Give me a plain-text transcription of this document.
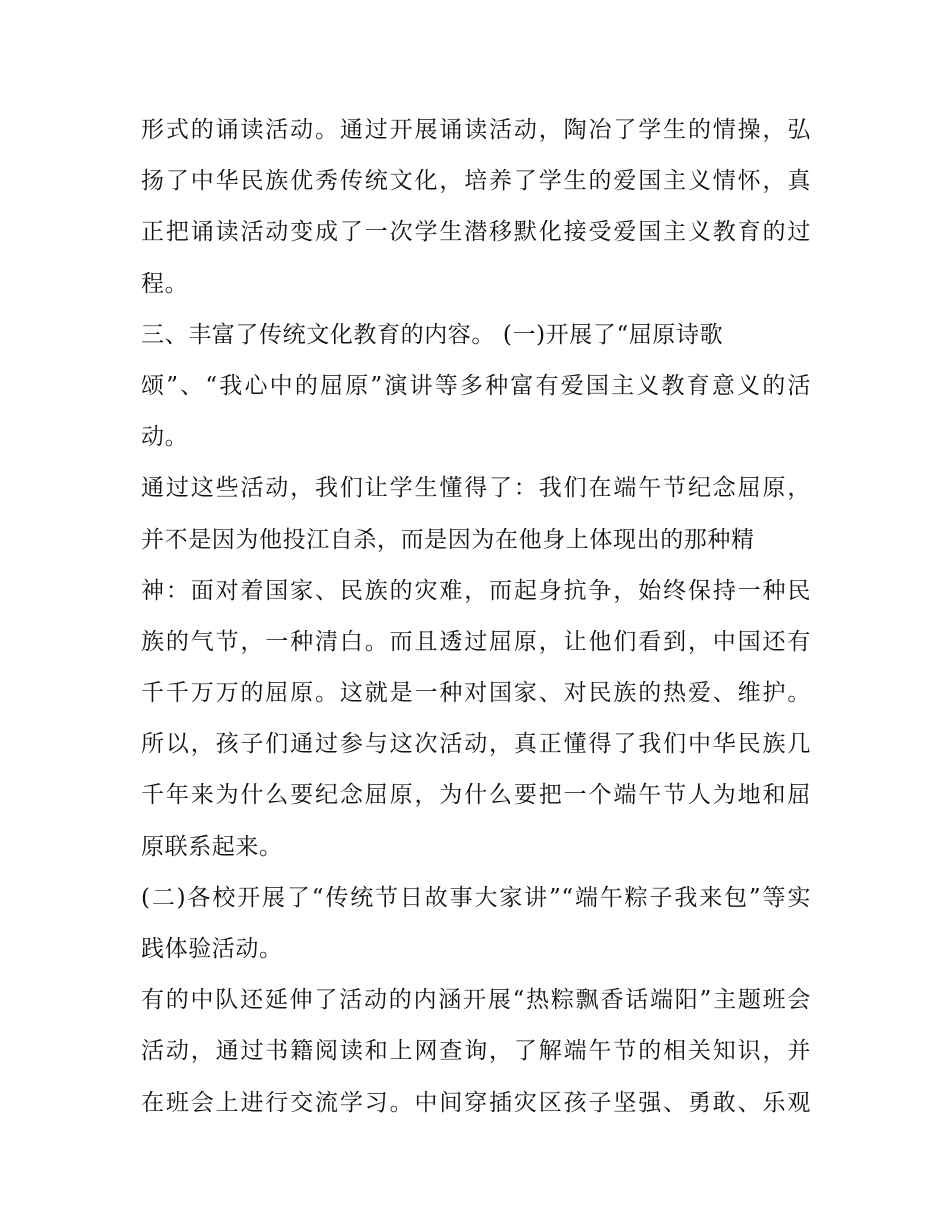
形式的诵读活动。通过开展诵读活动，陶冶了学生的情操，弘
扬了中华民族优秀传统文化，培养了学生的爱国主义情怀，真
正把诵读活动变成了一次学生潜移默化接受爱国主义教育的过
程。
三、丰富了传统文化教育的内容。 (一)开展了“屈原诗歌
颂”、“我心中的屈原”演讲等多种富有爱国主义教育意义的活
动。
通过这些活动，我们让学生懂得了：我们在端午节纪念屈原，
并不是因为他投江自杀，而是因为在他身上体现出的那种精
神：面对着国家、民族的灾难，而起身抗争，始终保持一种民
族的气节，一种清白。而且透过屈原，让他们看到，中国还有
千千万万的屈原。这就是一种对国家、对民族的热爱、维护。
所以，孩子们通过参与这次活动，真正懂得了我们中华民族几
千年来为什么要纪念屈原，为什么要把一个端午节人为地和屈
原联系起来。
(二)各校开展了“传统节日故事大家讲”“端午粽子我来包”等实
践体验活动。
有的中队还延伸了活动的内涵开展“热粽飘香话端阳”主题班会
活动，通过书籍阅读和上网查询，了解端午节的相关知识，并
在班会上进行交流学习。中间穿插灾区孩子坚强、勇敢、乐观
